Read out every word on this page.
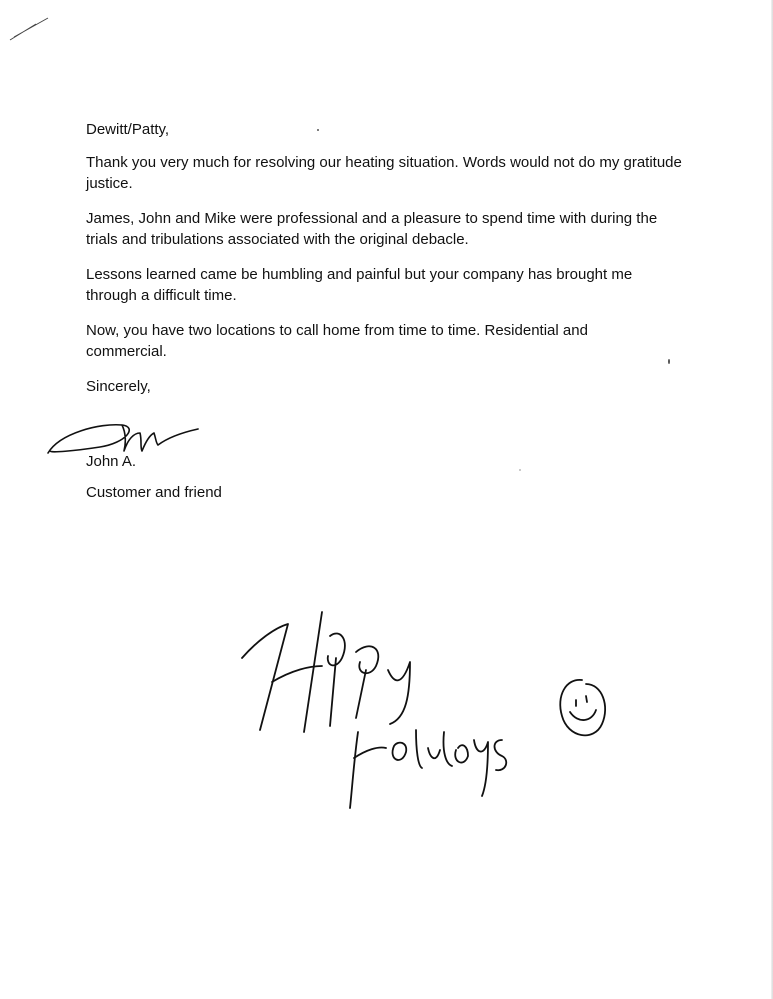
Dewitt/Patty,

Thank you very much for resolving our heating situation. Words would not do my gratitude justice.

James, John and Mike were professional and a pleasure to spend time with during the trials and tribulations associated with the original debacle.

Lessons learned came be humbling and painful but your company has brought me through a difficult time.

Now, you have two locations to call home from time to time. Residential and commercial.

Sincerely,

John A.
Customer and friend
